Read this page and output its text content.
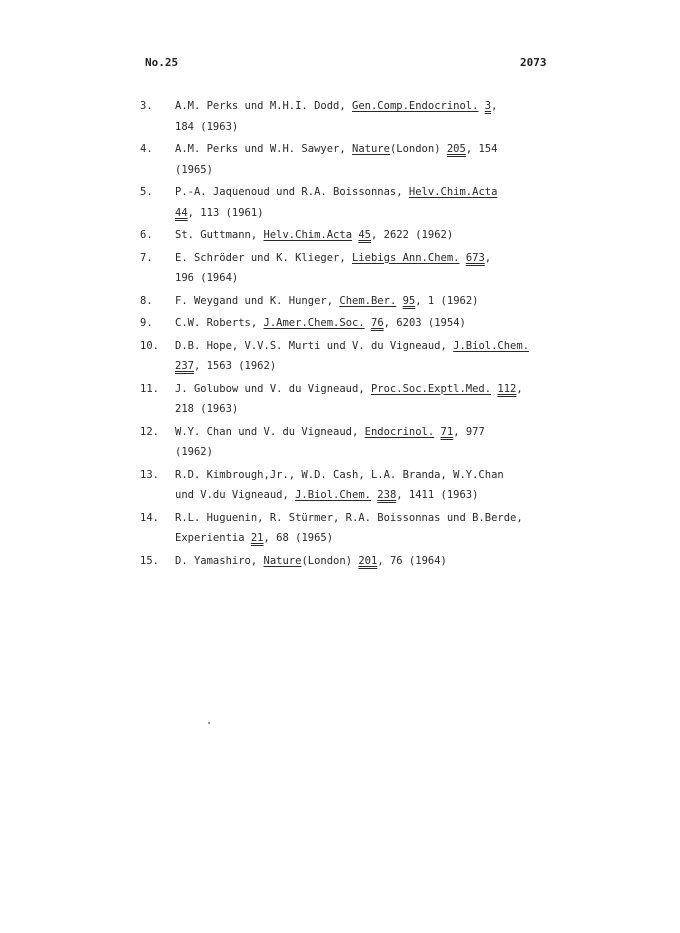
No.25	2073
3.	A.M. Perks und M.H.I. Dodd, Gen.Comp.Endocrinol. 3,
184 (1963)
4.	A.M. Perks und W.H. Sawyer, Nature(London) 205, 154
(1965)
5.	P.-A. Jaquenoud und R.A. Boissonnas, Helv.Chim.Acta
44, 113 (1961)
6.	St. Guttmann, Helv.Chim.Acta 45, 2622 (1962)
7.	E. Schröder und K. Klieger, Liebigs Ann.Chem. 673,
196 (1964)
8.	F. Weygand und K. Hunger, Chem.Ber. 95, 1 (1962)
9.	C.W. Roberts, J.Amer.Chem.Soc. 76, 6203 (1954)
10.	D.B. Hope, V.V.S. Murti und V. du Vigneaud, J.Biol.Chem.
237, 1563 (1962)
11.	J. Golubow und V. du Vigneaud, Proc.Soc.Exptl.Med. 112,
218 (1963)
12.	W.Y. Chan und V. du Vigneaud, Endocrinol. 71, 977
(1962)
13.	R.D. Kimbrough,Jr., W.D. Cash, L.A. Branda, W.Y.Chan
und V.du Vigneaud, J.Biol.Chem. 238, 1411 (1963)
14.	R.L. Huguenin, R. Stürmer, R.A. Boissonnas und B.Berde,
Experientia 21, 68 (1965)
15.	D. Yamashiro, Nature(London) 201, 76 (1964)
